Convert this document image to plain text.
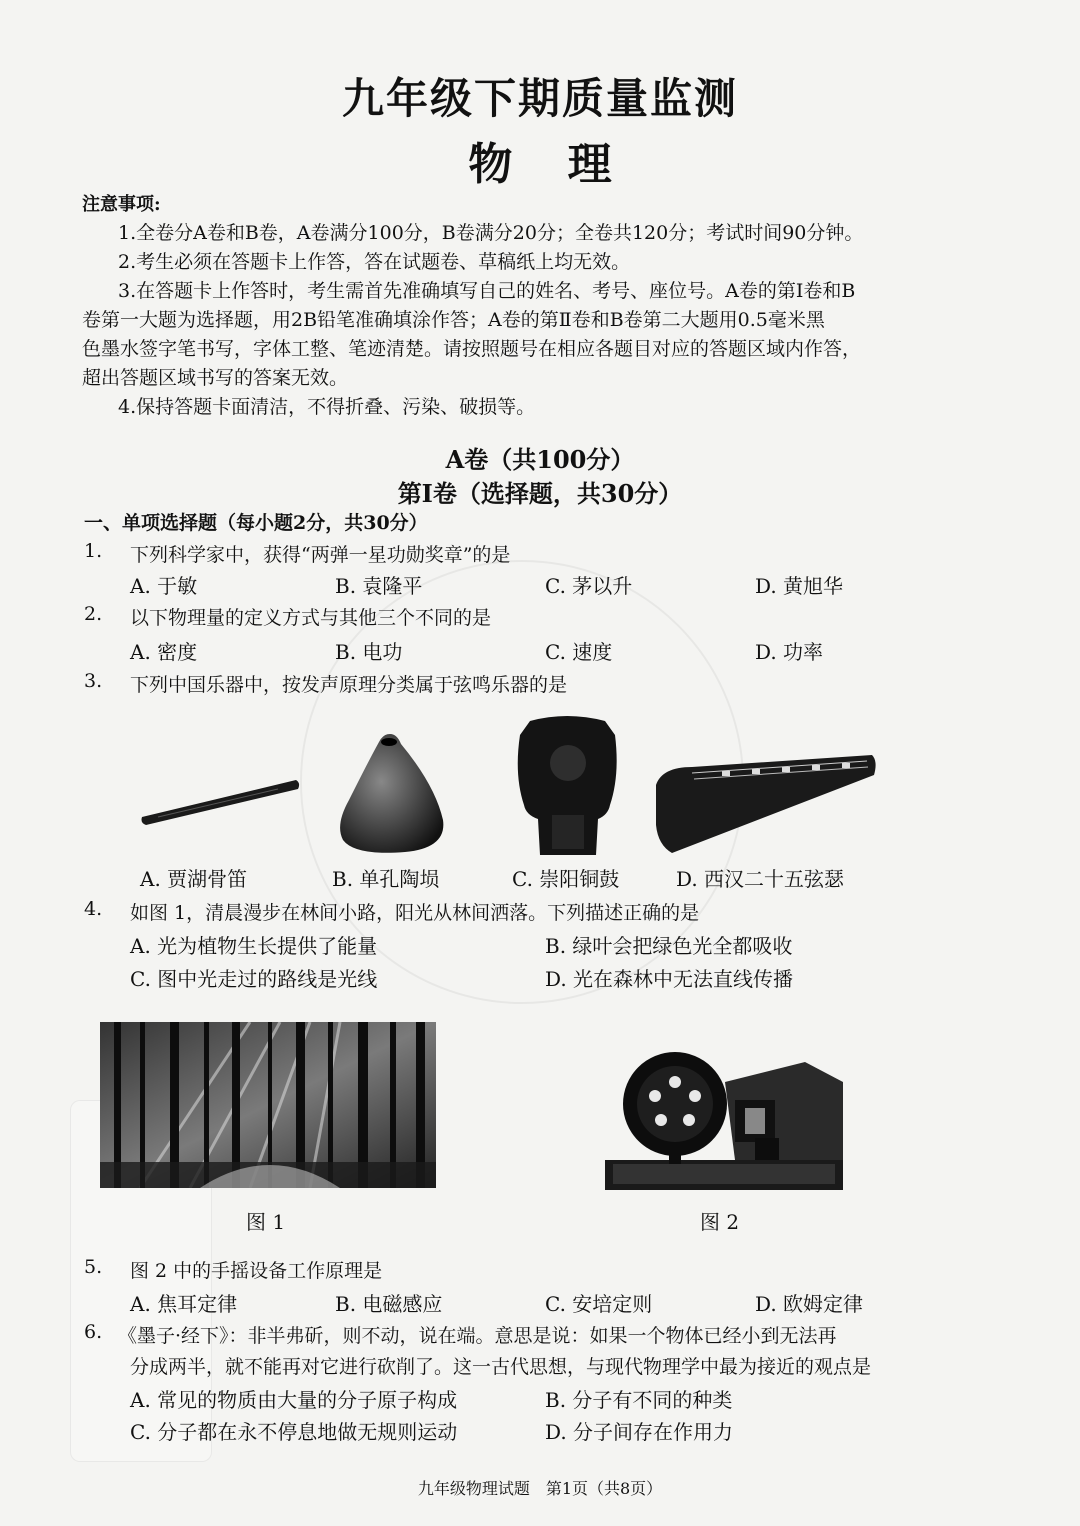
九年级下期质量监测
物 理
注意事项:
1.全卷分A卷和B卷，A卷满分100分，B卷满分20分；全卷共120分；考试时间90分钟。
2.考生必须在答题卡上作答，答在试题卷、草稿纸上均无效。
3.在答题卡上作答时，考生需首先准确填写自己的姓名、考号、座位号。A卷的第Ⅰ卷和B
卷第一大题为选择题，用2B铅笔准确填涂作答；A卷的第Ⅱ卷和B卷第二大题用0.5毫米黑
色墨水签字笔书写，字体工整、笔迹清楚。请按照题号在相应各题目对应的答题区域内作答，
超出答题区域书写的答案无效。
4.保持答题卡面清洁，不得折叠、污染、破损等。
A卷（共100分）
第Ⅰ卷（选择题，共30分）
一、单项选择题（每小题2分，共30分）
1. 下列科学家中，获得“两弹一星功勋奖章”的是
A. 于敏	B. 袁隆平	C. 茅以升	D. 黄旭华
2. 以下物理量的定义方式与其他三个不同的是
A. 密度	B. 电功	C. 速度	D. 功率
3. 下列中国乐器中，按发声原理分类属于弦鸣乐器的是
A. 贾湖骨笛	B. 单孔陶埙	C. 崇阳铜鼓	D. 西汉二十五弦瑟
4. 如图 1，清晨漫步在林间小路，阳光从林间洒落。下列描述正确的是
A. 光为植物生长提供了能量	B. 绿叶会把绿色光全都吸收
C. 图中光走过的路线是光线	D. 光在森林中无法直线传播
图 1	图 2
5. 图 2 中的手摇设备工作原理是
A. 焦耳定律	B. 电磁感应	C. 安培定则	D. 欧姆定律
6. 《墨子·经下》：非半弗斫，则不动，说在端。意思是说：如果一个物体已经小到无法再
分成两半，就不能再对它进行砍削了。这一古代思想，与现代物理学中最为接近的观点是
A. 常见的物质由大量的分子原子构成	B. 分子有不同的种类
C. 分子都在永不停息地做无规则运动	D. 分子间存在作用力
九年级物理试题　第1页（共8页）
